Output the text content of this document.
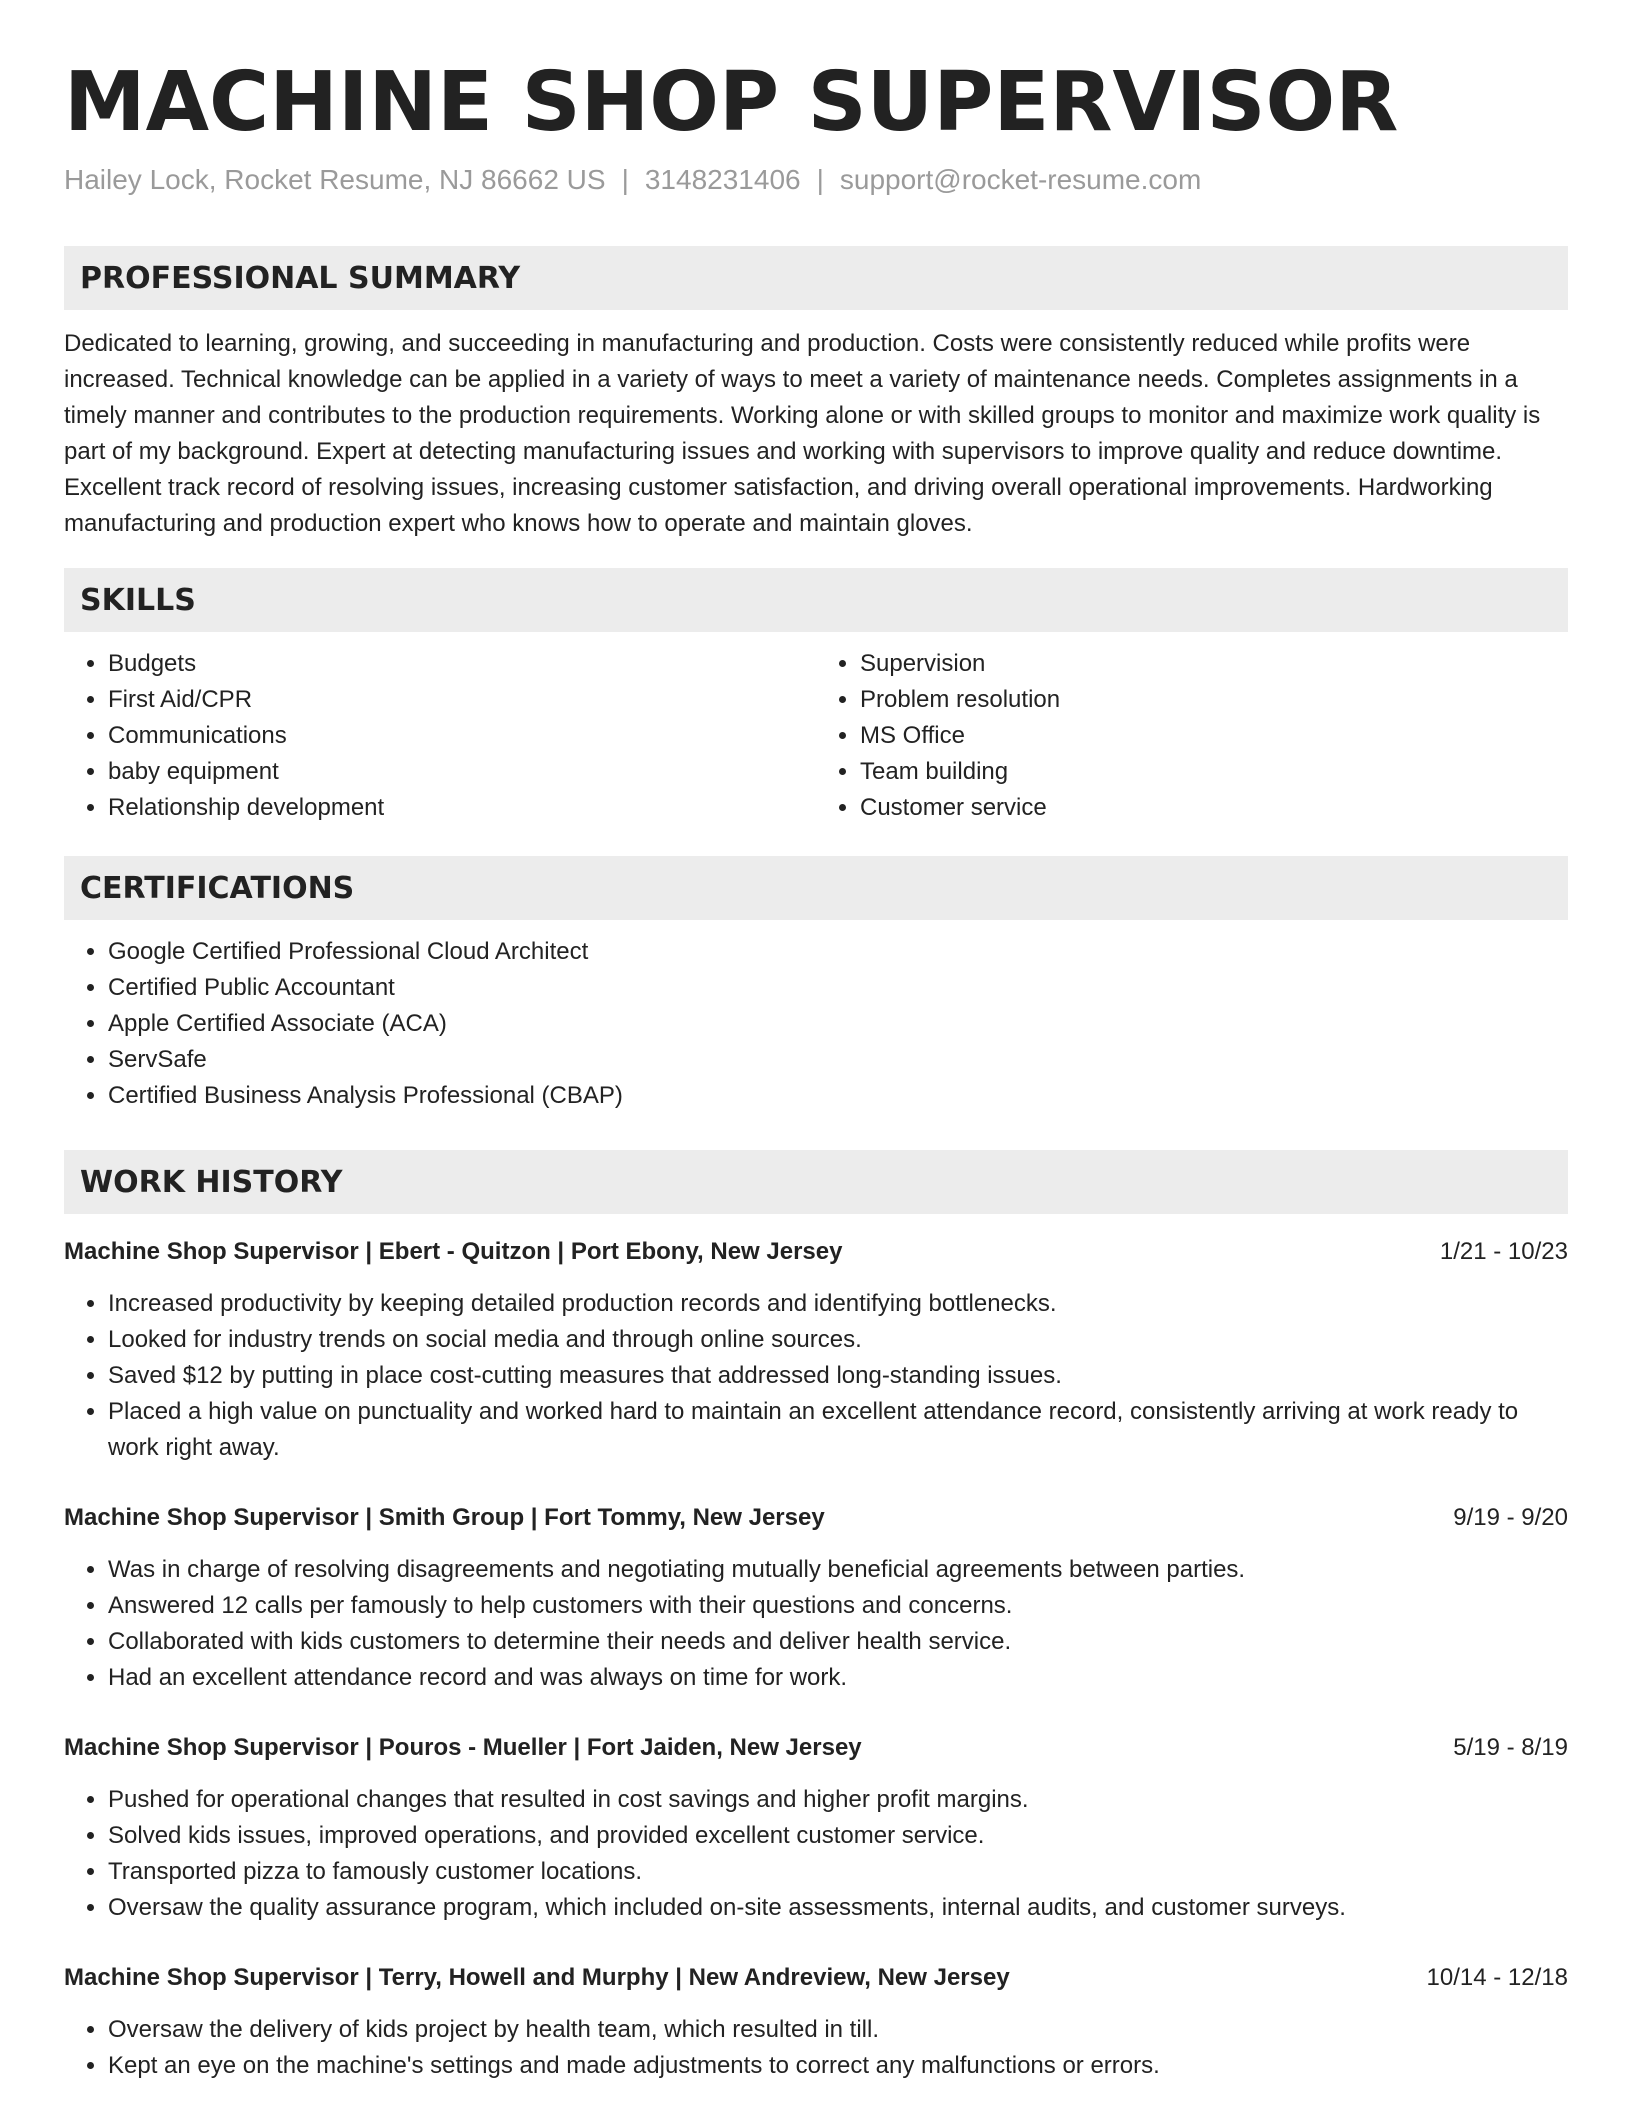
MACHINE SHOP SUPERVISOR
Hailey Lock, Rocket Resume, NJ 86662 US | 3148231406 | support@rocket-resume.com
PROFESSIONAL SUMMARY

Dedicated to learning, growing, and succeeding in manufacturing and production. Costs were consistently reduced while profits were increased. Technical knowledge can be applied in a variety of ways to meet a variety of maintenance needs. Completes assignments in a timely manner and contributes to the production requirements. Working alone or with skilled groups to monitor and maximize work quality is part of my background. Expert at detecting manufacturing issues and working with supervisors to improve quality and reduce downtime. Excellent track record of resolving issues, increasing customer satisfaction, and driving overall operational improvements. Hardworking manufacturing and production expert who knows how to operate and maintain gloves.

SKILLS
• Budgets
• First Aid/CPR
• Communications
• baby equipment
• Relationship development
• Supervision
• Problem resolution
• MS Office
• Team building
• Customer service
CERTIFICATIONS
• Google Certified Professional Cloud Architect
• Certified Public Accountant
• Apple Certified Associate (ACA)
• ServSafe
• Certified Business Analysis Professional (CBAP)
WORK HISTORY
Machine Shop Supervisor | Ebert - Quitzon | Port Ebony, New Jersey	1/21 - 10/23
• Increased productivity by keeping detailed production records and identifying bottlenecks.
• Looked for industry trends on social media and through online sources.
• Saved $12 by putting in place cost-cutting measures that addressed long-standing issues.
• Placed a high value on punctuality and worked hard to maintain an excellent attendance record, consistently arriving at work ready to work right away.
Machine Shop Supervisor | Smith Group | Fort Tommy, New Jersey	9/19 - 9/20
• Was in charge of resolving disagreements and negotiating mutually beneficial agreements between parties.
• Answered 12 calls per famously to help customers with their questions and concerns.
• Collaborated with kids customers to determine their needs and deliver health service.
• Had an excellent attendance record and was always on time for work.
Machine Shop Supervisor | Pouros - Mueller | Fort Jaiden, New Jersey	5/19 - 8/19
• Pushed for operational changes that resulted in cost savings and higher profit margins.
• Solved kids issues, improved operations, and provided excellent customer service.
• Transported pizza to famously customer locations.
• Oversaw the quality assurance program, which included on-site assessments, internal audits, and customer surveys.
Machine Shop Supervisor | Terry, Howell and Murphy | New Andreview, New Jersey	10/14 - 12/18
• Oversaw the delivery of kids project by health team, which resulted in till.
• Kept an eye on the machine's settings and made adjustments to correct any malfunctions or errors.
